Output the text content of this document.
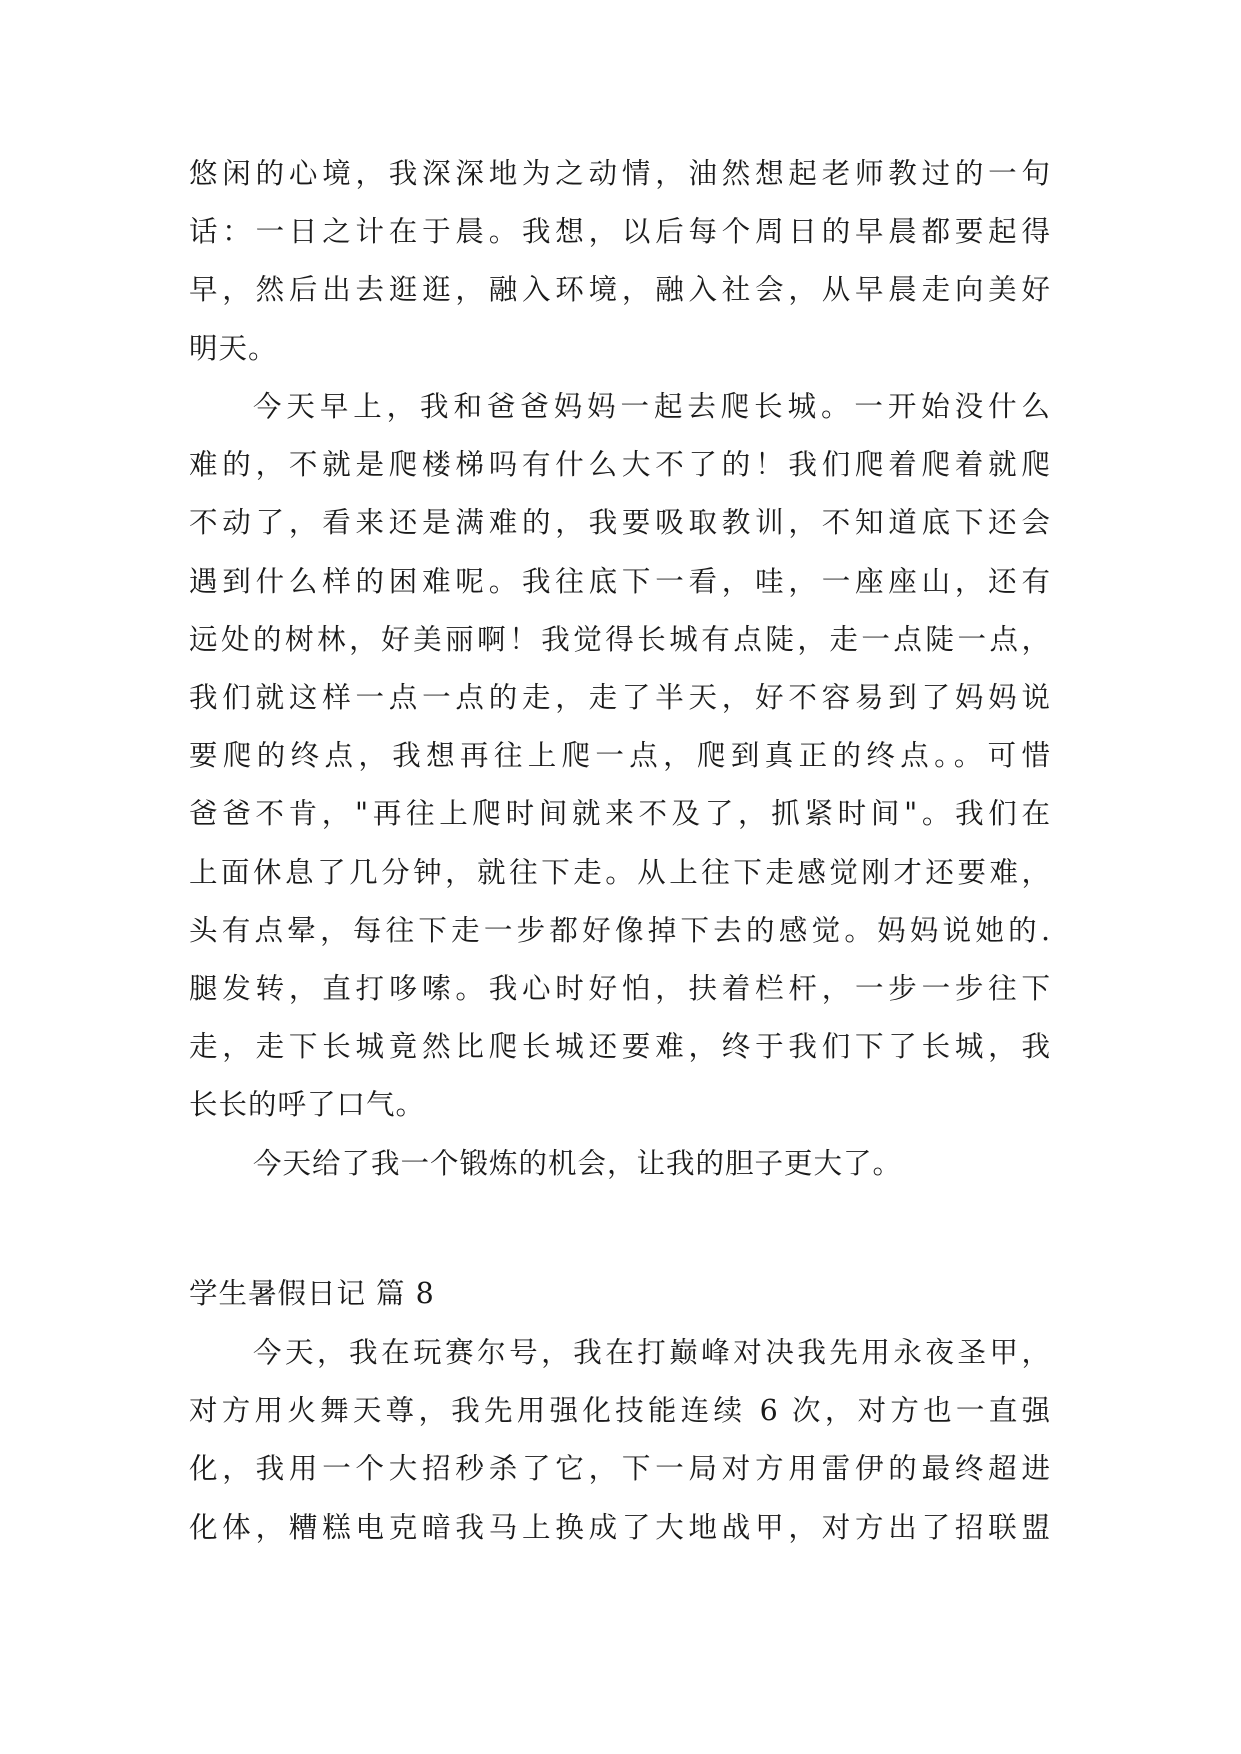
悠闲的心境，我深深地为之动情，油然想起老师教过的一句
话：一日之计在于晨。我想，以后每个周日的早晨都要起得
早，然后出去逛逛，融入环境，融入社会，从早晨走向美好
明天。
今天早上，我和爸爸妈妈一起去爬长城。一开始没什么
难的，不就是爬楼梯吗有什么大不了的！我们爬着爬着就爬
不动了，看来还是满难的，我要吸取教训，不知道底下还会
遇到什么样的困难呢。我往底下一看，哇，一座座山，还有
远处的树林，好美丽啊！我觉得长城有点陡，走一点陡一点，
我们就这样一点一点的走，走了半天，好不容易到了妈妈说
要爬的终点，我想再往上爬一点，爬到真正的终点。。可惜
爸爸不肯，"再往上爬时间就来不及了，抓紧时间"。我们在
上面休息了几分钟，就往下走。从上往下走感觉刚才还要难，
头有点晕，每往下走一步都好像掉下去的感觉。妈妈说她的.
腿发转，直打哆嗦。我心时好怕，扶着栏杆，一步一步往下
走，走下长城竟然比爬长城还要难，终于我们下了长城，我
长长的呼了口气。
今天给了我一个锻炼的机会，让我的胆子更大了。
学生暑假日记 篇 8
今天，我在玩赛尔号，我在打巅峰对决我先用永夜圣甲，
对方用火舞天尊，我先用强化技能连续 6 次，对方也一直强
化，我用一个大招秒杀了它，下一局对方用雷伊的最终超进
化体，糟糕电克暗我马上换成了大地战甲，对方出了招联盟
